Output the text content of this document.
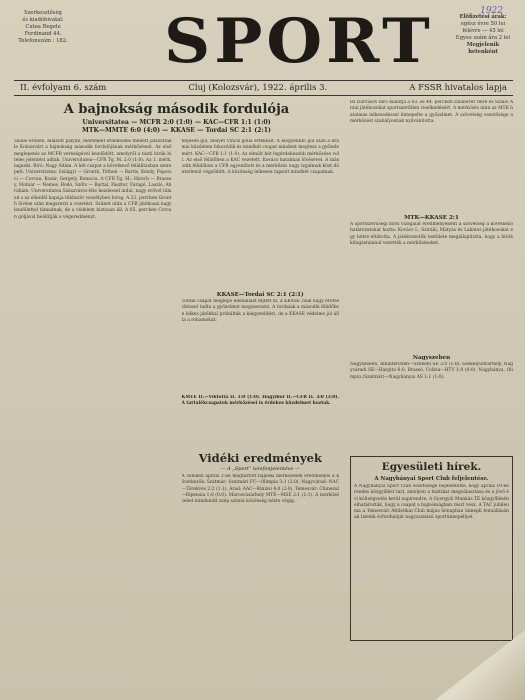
Szerkesztőség
és kiadóhivatal:
Cutea Regele
Ferdinand 44.
Telefonszám : 182. SPORT	1922
Előfizetési árak:
egész évre 50 lei
félévre — 45 lei
Egyes szám ára 2 lei
Megjelenik hetenként
II. évfolyam 6. szám	Cluj (Kolozsvár), 1922. április 3.	A FSSR hivatalos lapja
A bajnokság második fordulója
Universitatea — MCFR 2:0 (1:0) — KAC—CFR 1:1 (1:0)
MTK—MMTE 6:0 (4:0) — KKASE — Tordai SC 2:1 (2:1)
Szólló erőben, felázott pályán, mérsékelt érdeklődés mellett játszották le Kolozsvárt a bajnokság második fordulójának mérkőzéseit. Az első meglepetés az MCFR vereségével kezdődött, amelyről a tiszti bírák hiteles jelentést adtak. Universitatea—CFR Tg. M. 2:0 (1:0). Az 1. mérk. bajnoki. Bíró: Nagy Ádám. A két csapat a következő felállításban szerepelt: Universitatea: Szilágyi — Gronth, Tóthné — Bartis, Kézdy, Popovici — Corcan, Kozár, Gergely, Bonaciu. A CFR Tg. M.: Hirsch — Brassoy, Molnár — Nemes, Bodó, Szőts — Bartal, Pásztor, Faragó, Laszló, Ábrahám. Universitatea Szászváros-féle kezdéssel indul, nagy erővel támad s az ellenfél kapuja többször veszélyben forog. A 22. percben Gronth lövése után megszerzi a vezetést. Szünet után a CFR játékosai nagy lendülettel támadnak, de a védelem biztosan áll. A 65. percben Corcan góljával beállítják a végeredményt.
teljesen gól, melyet Vinczi góllá értékesít. A kiegyenlítő gól után a drámai küzdelem fokozódik és mindkét csapat mindent megtesz a győzelemért. KAC—CFR 1:1 (1:0). Az elmúlt hét legérdekesebb mérkőzése volt. Az első félidőben a KAC vezetett, Kovács hatalmas lövésével. A második félidőben a CFR egyenlített és a mérkőzés nagy izgalmak közt döntetlenül végződött. A közönség lelkesen tapsolt mindkét csapatnak.
KKASE—Tordai SC 2:1 (2:1)
Tordai csapat meglepő ellenállást fejtett ki, a KKASE csak nagy erőfeszítéssel tudta a győzelmet megszerezni. A tordaiak a második félidőben lelkes játékkal próbálták a kiegyenlítést, de a KKASE védelme jól állta a rohamokat.
KMTE II.—Viktoria II. 1:0 (1:0). Hagyibor II.—CFR II. 3:0 (3:0). A tartalékcsapatok mérkőzései is érdekes küzdelmet hoztak.
Vidéki eredmények
— A „Sport” telefonjelentése —
A vidéken április 2-án megtartott bajnoki mérkőzések eredményei a következők: Szatmár: Szatmári FC—Olimpia 3:1 (2:0). Nagyvárad: NAC—Törekvés 2:2 (1:1). Arad: AAC—Kinizsi 4:0 (2:0). Temesvár: Chinezul—Ripensia 1:0 (0:0). Marosvásárhely MTE—MSE 2:1 (1:1). A mérkőzéseket mindenütt szép számú közönség nézte végig.
lel Darvasov bíró kiállítja a 43. és 44. percben Dauberer Imre és Szabó Antal játékosokat sportszerűtlen viselkedésért. A mérkőzés után az MTK hatalmas lelkesedéssel ünnepelte a győzelmet. A szövetség vezetősége a mérkőzést szabályosnak nyilvánította.
MTK—KKASE 2:1
A sportszerűségi bírói vizsgálat eredményeként a szövetség a következő határozatokat hozta: Kovács I., Sziráki, Mátyás és Lakatos játékosokat egy hétre eltiltotta. A játékvezetők testülete megállapította, hogy a bírók kifogástalanul vezették a mérkőzéseket.
Nagyszeben
Nagyszeben, Infanteristen—Szebeni SE 2:0 (1:0). Székelyudvarhely, Nagyváradi SE—Hargita 6:0. Brassó, Colțea—HTV 1:0 (0:0). Nagybánya, Olimpia (Szatmár)—Nagybányai AS 1:1 (1:0).
Egyesületi hírek.
A Nagybányai Sport Club feljelentése.
A Nagybányai Sport Club vezetősége bejelentette, hogy április 10-én rendes közgyűlést tart, amelyen a tisztikar megválasztása és a jövő évi költségvetés kerül napirendre. A Gyergyói Munkás TE közgyűlésén elhatározták, hogy a csapat a bajnokságban részt vesz. A TAC jubileuma a Temesvári Athletikai Club május hónapban ünnepli fennállásának tizedik évfordulóját nagyszabású sportünnepéllyel.
